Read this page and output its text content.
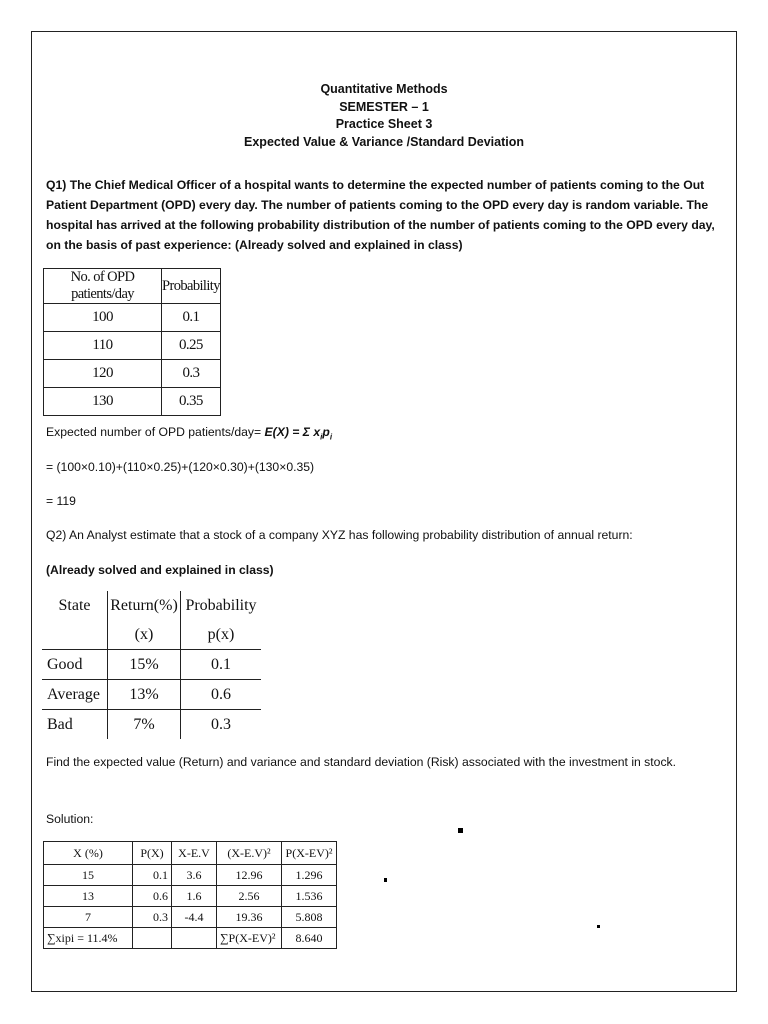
Quantitative Methods
SEMESTER – 1
Practice Sheet 3
Expected Value & Variance /Standard Deviation
Q1) The Chief Medical Officer of a hospital wants to determine the expected number of patients coming to the Out Patient Department (OPD) every day. The number of patients coming to the OPD every day is random variable. The hospital has arrived at the following probability distribution of the number of patients coming to the OPD every day, on the basis of past experience: (Already solved and explained in class)
No. of OPD patients/day	Probability
100	0.1
110	0.25
120	0.3
130	0.35
Expected number of OPD patients/day= E(X) = Σ $x_ip_i$
= (100×0.10)+(110×0.25)+(120×0.30)+(130×0.35)
= 119
Q2) An Analyst estimate that a stock of a company XYZ has following probability distribution of annual return:
(Already solved and explained in class)
State	Return(%)	Probability
	(x)	p(x)
Good	15%	0.1
Average	13%	0.6
Bad	7%	0.3
Find the expected value (Return) and variance and standard deviation (Risk) associated with the investment in stock.
Solution:
X (%)	P(X)	X-E.V	(X-E.V)²	P(X-EV)²
15	0.1	3.6	12.96	1.296
13	0.6	1.6	2.56	1.536
7	0.3	-4.4	19.36	5.808
∑xipi = 11.4%			∑P(X-EV)²	8.640
